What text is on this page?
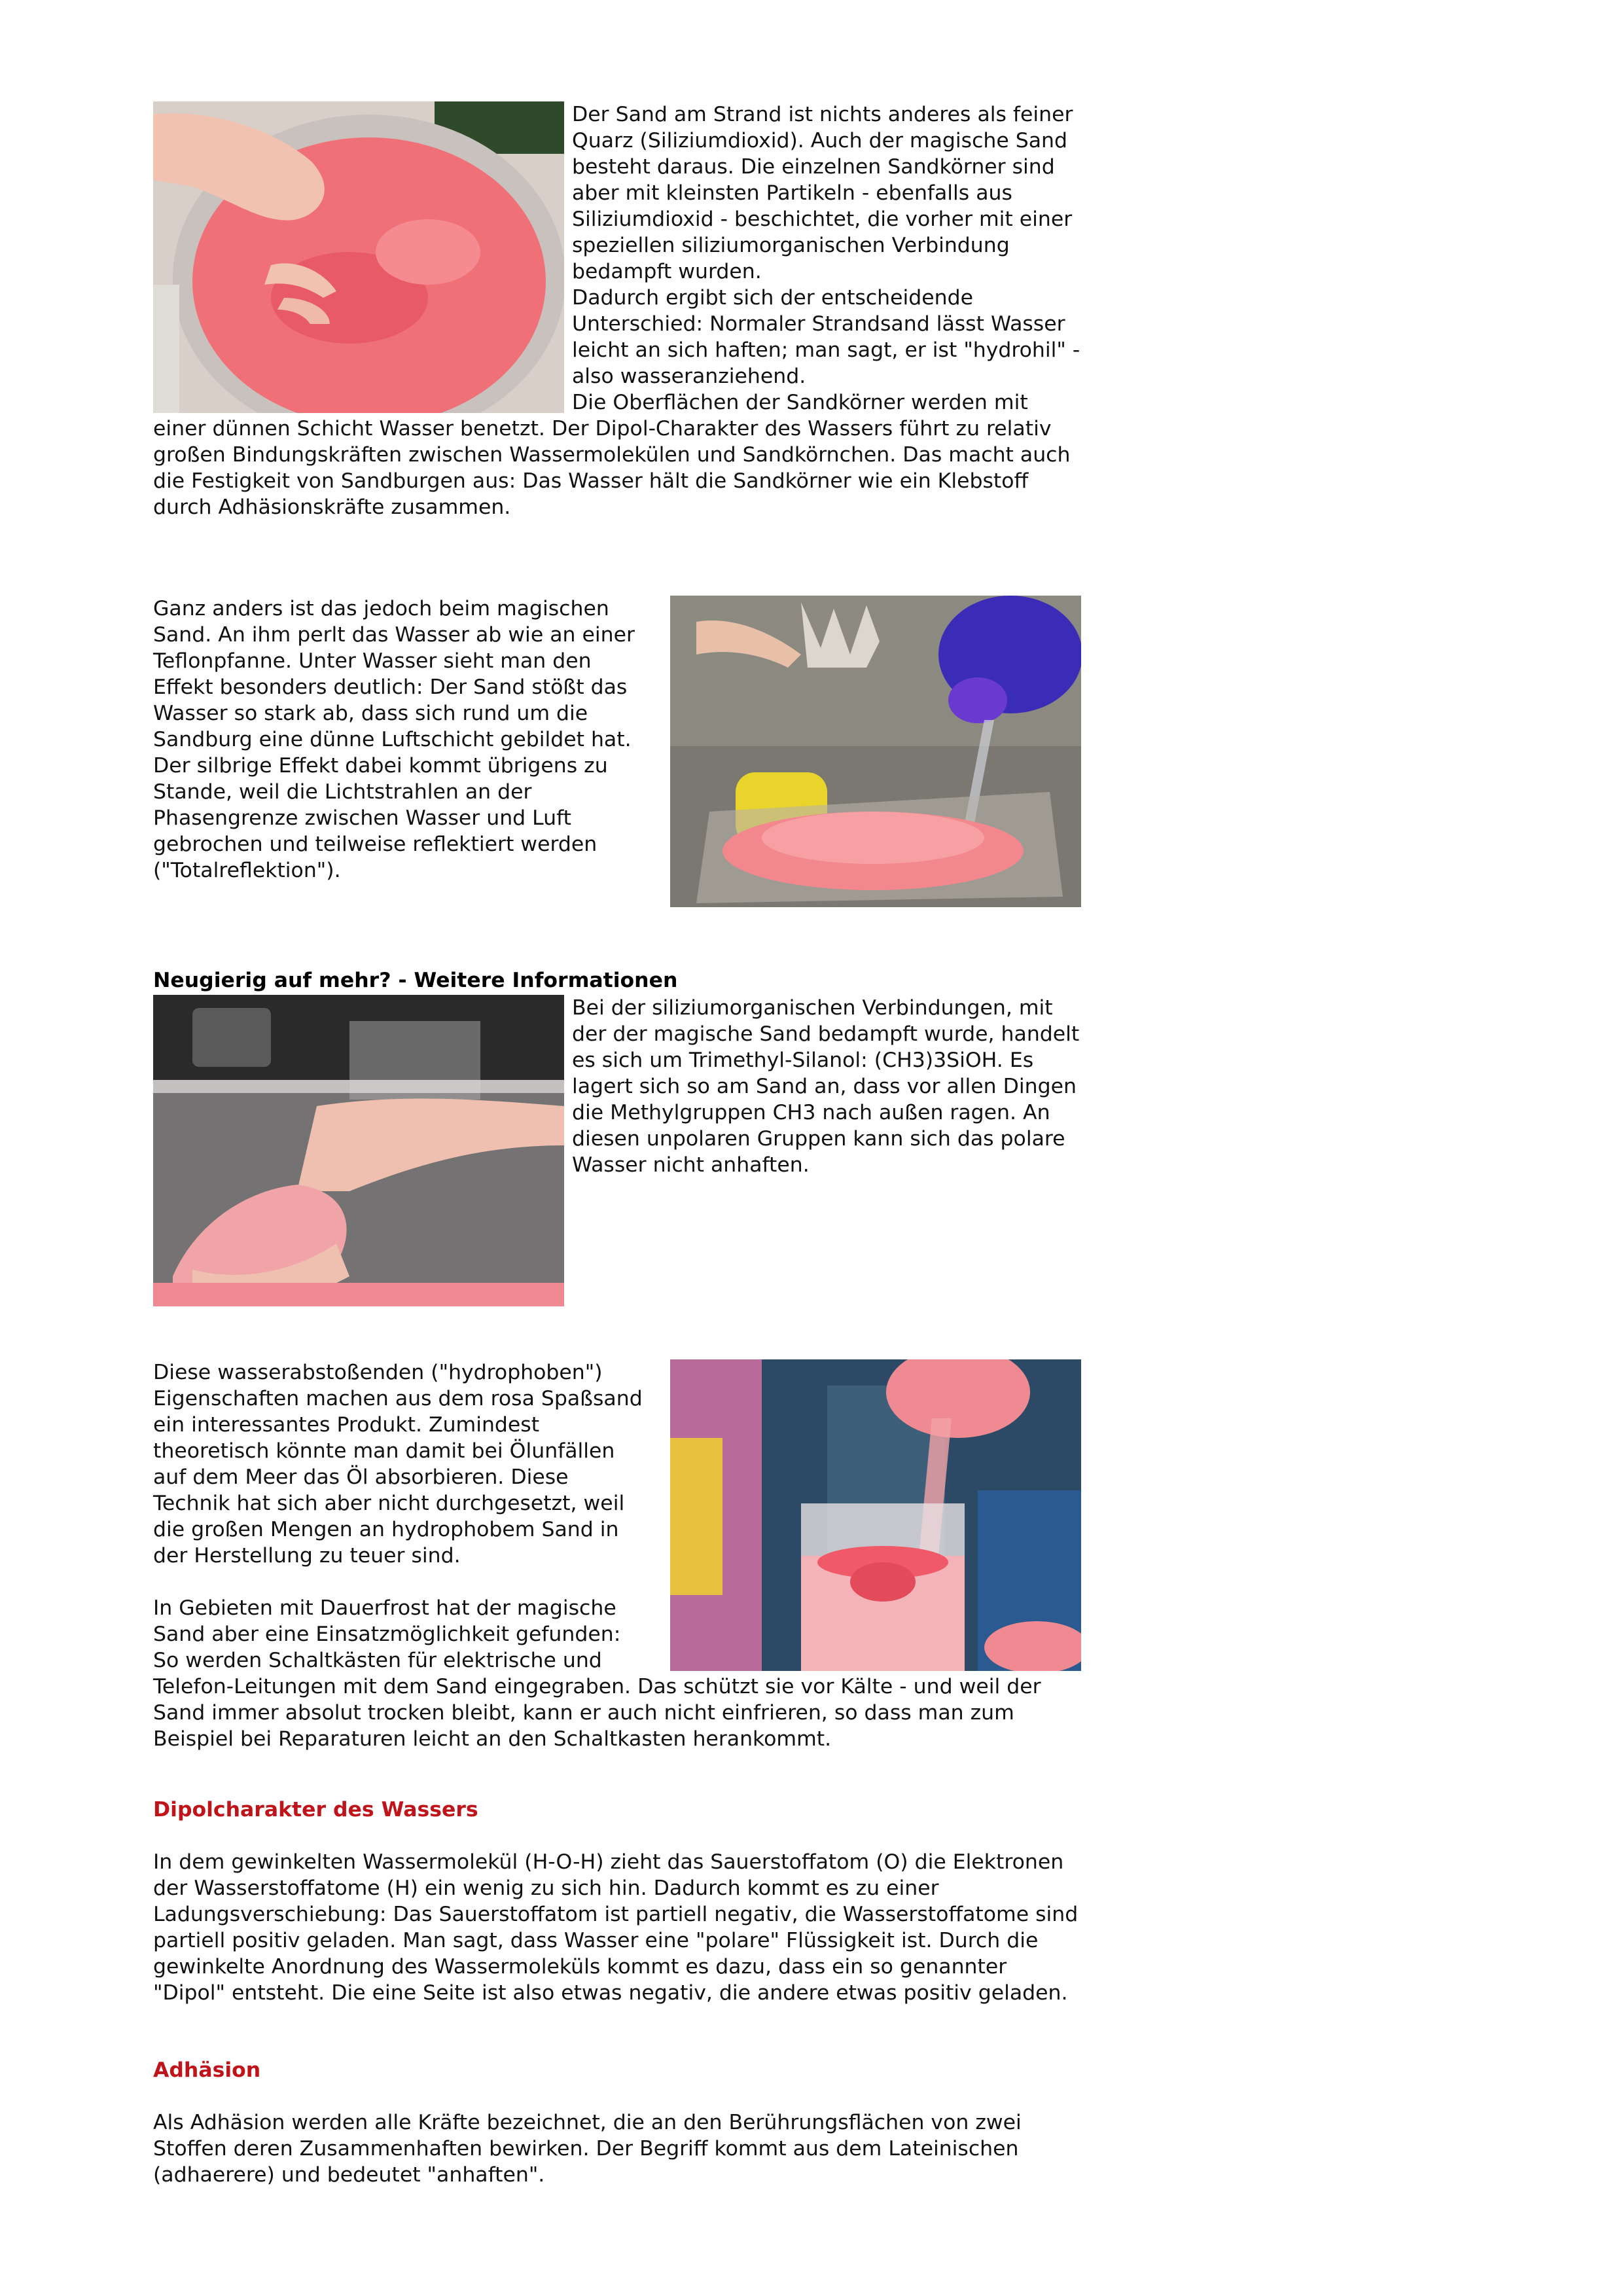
Der Sand am Strand ist nichts anderes als feiner Quarz (Siliziumdioxid). Auch der magische Sand besteht daraus. Die einzelnen Sandkörner sind aber mit kleinsten Partikeln - ebenfalls aus Siliziumdioxid - beschichtet, die vorher mit einer speziellen siliziumorganischen Verbindung bedampft wurden.
Dadurch ergibt sich der entscheidende Unterschied: Normaler Strandsand lässt Wasser leicht an sich haften; man sagt, er ist "hydrohil" - also wasseranziehend.
Die Oberflächen der Sandkörner werden mit einer dünnen Schicht Wasser benetzt. Der Dipol-Charakter des Wassers führt zu relativ großen Bindungskräften zwischen Wassermolekülen und Sandkörnchen. Das macht auch die Festigkeit von Sandburgen aus: Das Wasser hält die Sandkörner wie ein Klebstoff durch Adhäsionskräfte zusammen.

Ganz anders ist das jedoch beim magischen Sand. An ihm perlt das Wasser ab wie an einer Teflonpfanne. Unter Wasser sieht man den Effekt besonders deutlich: Der Sand stößt das Wasser so stark ab, dass sich rund um die Sandburg eine dünne Luftschicht gebildet hat. Der silbrige Effekt dabei kommt übrigens zu Stande, weil die Lichtstrahlen an der Phasengrenze zwischen Wasser und Luft gebrochen und teilweise reflektiert werden ("Totalreflektion").

Neugierig auf mehr? - Weitere Informationen

Bei der siliziumorganischen Verbindungen, mit der der magische Sand bedampft wurde, handelt es sich um Trimethyl-Silanol: (CH3)3SiOH. Es lagert sich so am Sand an, dass vor allen Dingen die Methylgruppen CH3 nach außen ragen. An diesen unpolaren Gruppen kann sich das polare Wasser nicht anhaften.

Diese wasserabstoßenden ("hydrophoben") Eigenschaften machen aus dem rosa Spaßsand ein interessantes Produkt. Zumindest theoretisch könnte man damit bei Ölunfällen auf dem Meer das Öl absorbieren. Diese Technik hat sich aber nicht durchgesetzt, weil die großen Mengen an hydrophobem Sand in der Herstellung zu teuer sind.

In Gebieten mit Dauerfrost hat der magische Sand aber eine Einsatzmöglichkeit gefunden: So werden Schaltkästen für elektrische und Telefon-Leitungen mit dem Sand eingegraben. Das schützt sie vor Kälte - und weil der Sand immer absolut trocken bleibt, kann er auch nicht einfrieren, so dass man zum Beispiel bei Reparaturen leicht an den Schaltkasten herankommt.

Dipolcharakter des Wassers

In dem gewinkelten Wassermolekül (H-O-H) zieht das Sauerstoffatom (O) die Elektronen der Wasserstoffatome (H) ein wenig zu sich hin. Dadurch kommt es zu einer Ladungsverschiebung: Das Sauerstoffatom ist partiell negativ, die Wasserstoffatome sind partiell positiv geladen. Man sagt, dass Wasser eine "polare" Flüssigkeit ist. Durch die gewinkelte Anordnung des Wassermoleküls kommt es dazu, dass ein so genannter "Dipol" entsteht. Die eine Seite ist also etwas negativ, die andere etwas positiv geladen.

Adhäsion

Als Adhäsion werden alle Kräfte bezeichnet, die an den Berührungsflächen von zwei Stoffen deren Zusammenhaften bewirken. Der Begriff kommt aus dem Lateinischen (adhaerere) und bedeutet "anhaften".
